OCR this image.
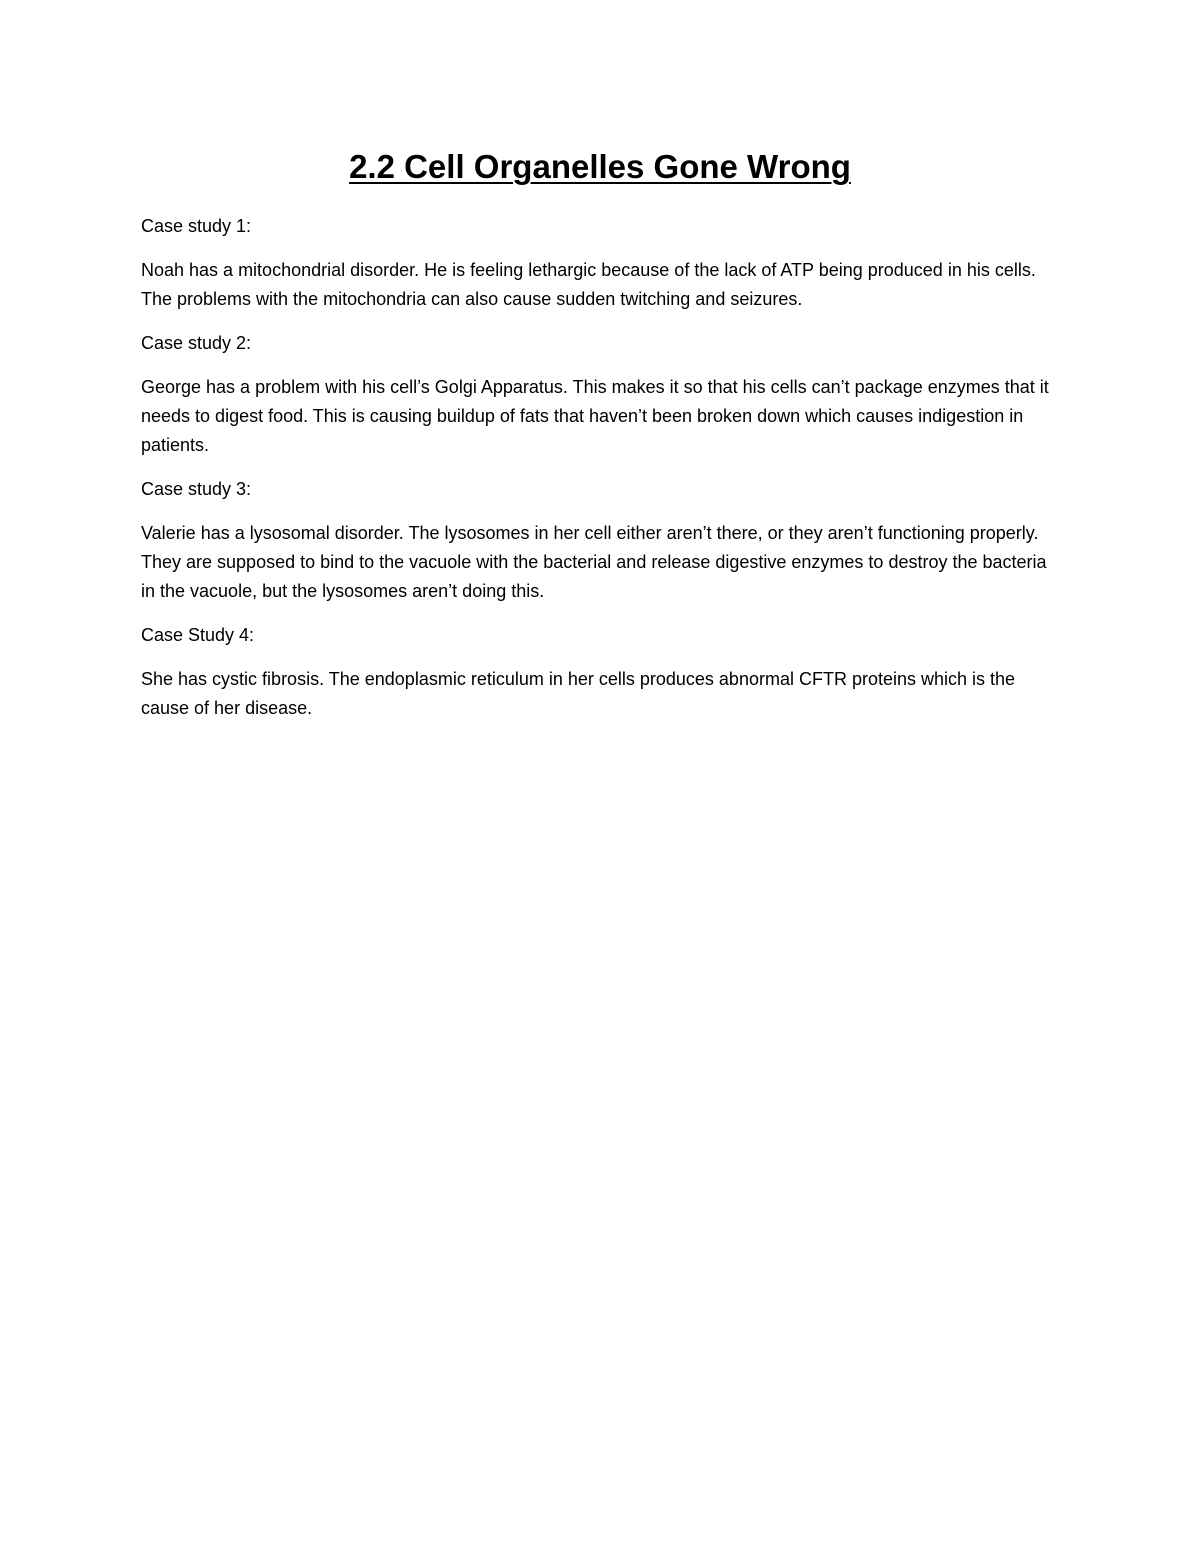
2.2 Cell Organelles Gone Wrong

Case study 1:

Noah has a mitochondrial disorder. He is feeling lethargic because of the lack of ATP being produced in his cells. The problems with the mitochondria can also cause sudden twitching and seizures.

Case study 2:

George has a problem with his cell’s Golgi Apparatus. This makes it so that his cells can’t package enzymes that it needs to digest food. This is causing buildup of fats that haven’t been broken down which causes indigestion in patients.

Case study 3:

Valerie has a lysosomal disorder. The lysosomes in her cell either aren’t there, or they aren’t functioning properly. They are supposed to bind to the vacuole with the bacterial and release digestive enzymes to destroy the bacteria in the vacuole, but the lysosomes aren’t doing this.

Case Study 4:

She has cystic fibrosis. The endoplasmic reticulum in her cells produces abnormal CFTR proteins which is the cause of her disease.
